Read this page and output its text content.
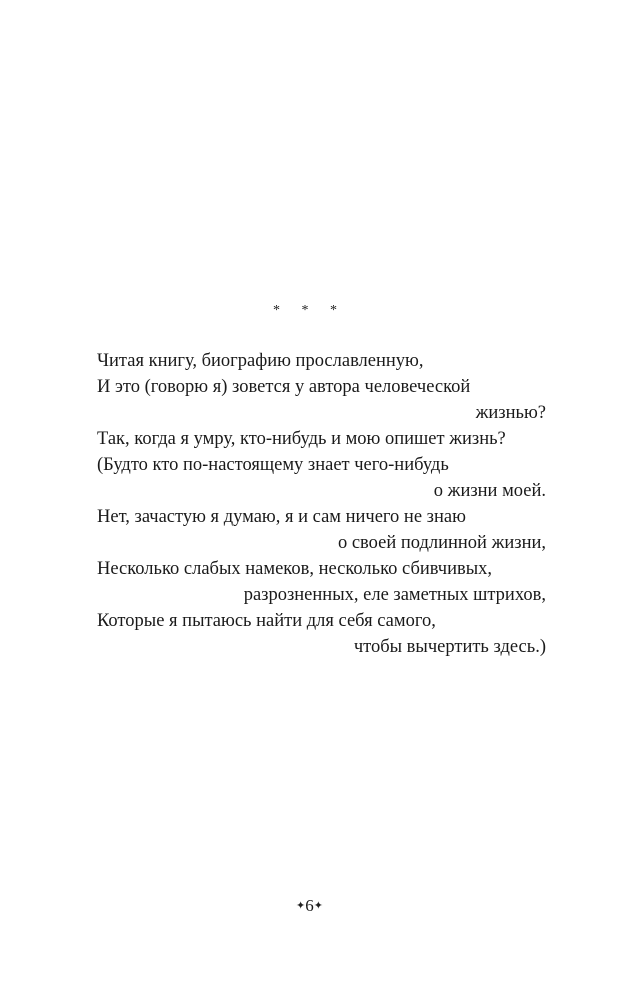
* * *
Читая книгу, биографию прославленную,
И это (говорю я) зовется у автора человеческой
жизнью?
Так, когда я умру, кто-нибудь и мою опишет жизнь?
(Будто кто по-настоящему знает чего-нибудь
о жизни моей.
Нет, зачастую я думаю, я и сам ничего не знаю
о своей подлинной жизни,
Несколько слабых намеков, несколько сбивчивых,
разрозненных, еле заметных штрихов,
Которые я пытаюсь найти для себя самого,
чтобы вычертить здесь.)
✦6✦
